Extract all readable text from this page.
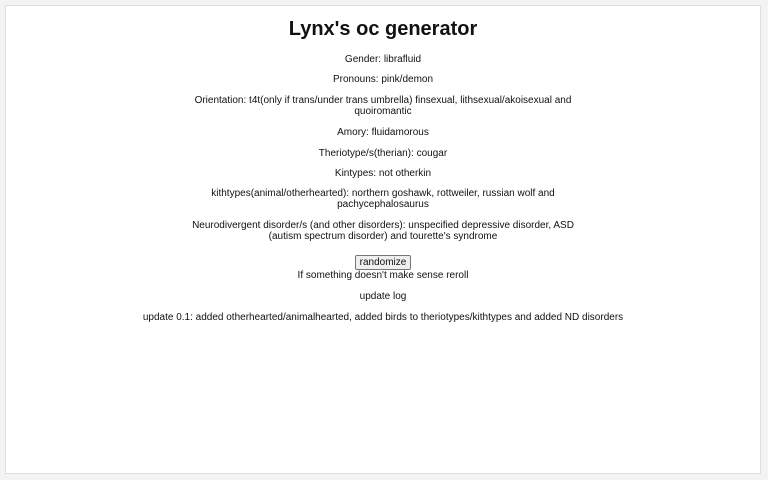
Lynx's oc generator
Gender: librafluid
Pronouns: pink/demon
Orientation: t4t(only if trans/under trans umbrella) finsexual, lithsexual/akoisexual and quoiromantic
Amory: fluidamorous
Theriotype/s(therian): cougar
Kintypes: not otherkin
kithtypes(animal/otherhearted): northern goshawk, rottweiler, russian wolf and pachycephalosaurus
Neurodivergent disorder/s (and other disorders): unspecified depressive disorder, ASD (autism spectrum disorder) and tourette's syndrome
randomize
If something doesn't make sense reroll
update log
update 0.1: added otherhearted/animalhearted, added birds to theriotypes/kithtypes and added ND disorders
